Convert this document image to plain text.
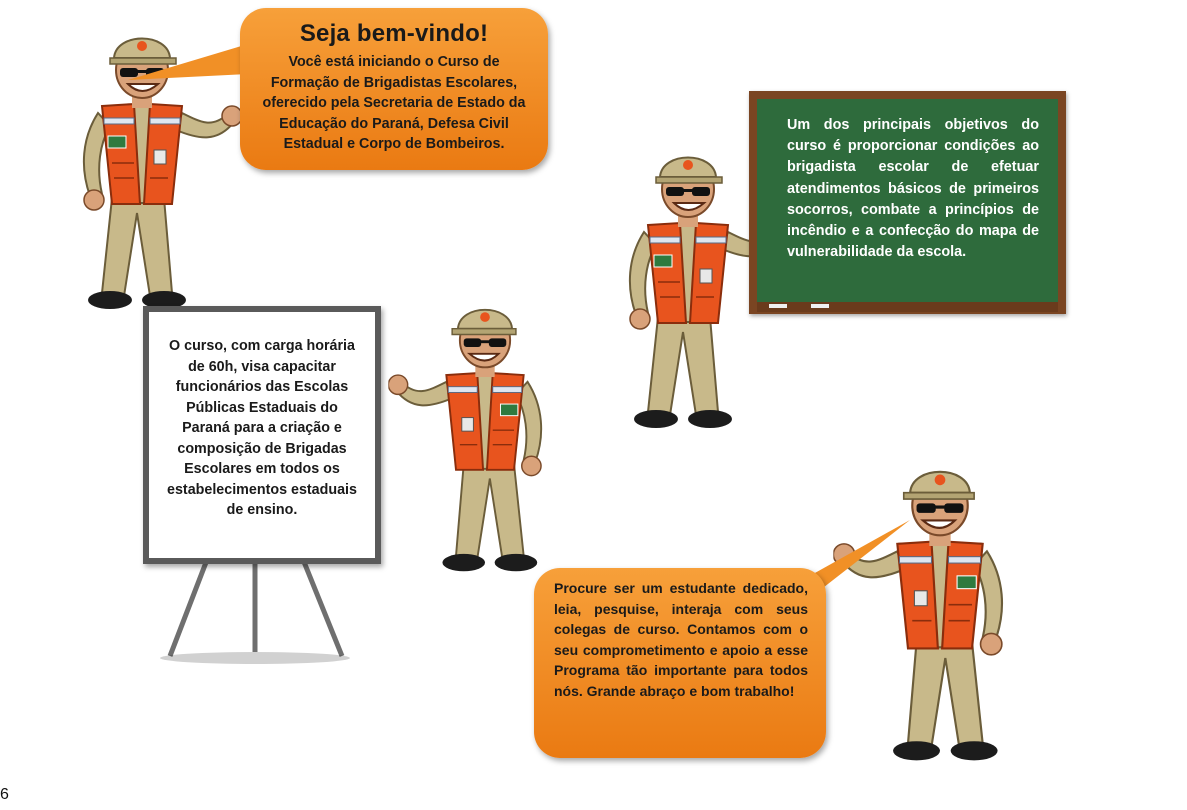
Seja bem-vindo!
Você está iniciando o Curso de Formação de Brigadistas Escolares, oferecido pela Secretaria de Estado da Educação do Paraná, Defesa Civil Estadual e Corpo de Bombeiros.
Um dos principais objetivos do curso é proporcionar condições ao brigadista escolar de efetuar atendimentos básicos de primeiros socorros, combate a princípios de incêndio e a confecção do mapa de vulnerabilidade da escola.
O curso, com carga horária de 60h, visa capacitar funcionários das Escolas Públicas Estaduais do Paraná para a criação e composição de Brigadas Escolares em todos os estabelecimentos estaduais de ensino.
Procure ser um estudante dedicado, leia, pesquise, interaja com seus colegas de curso. Contamos com o seu comprometimento e apoio a esse Programa tão importante para todos nós. Grande abraço e bom trabalho!
6
